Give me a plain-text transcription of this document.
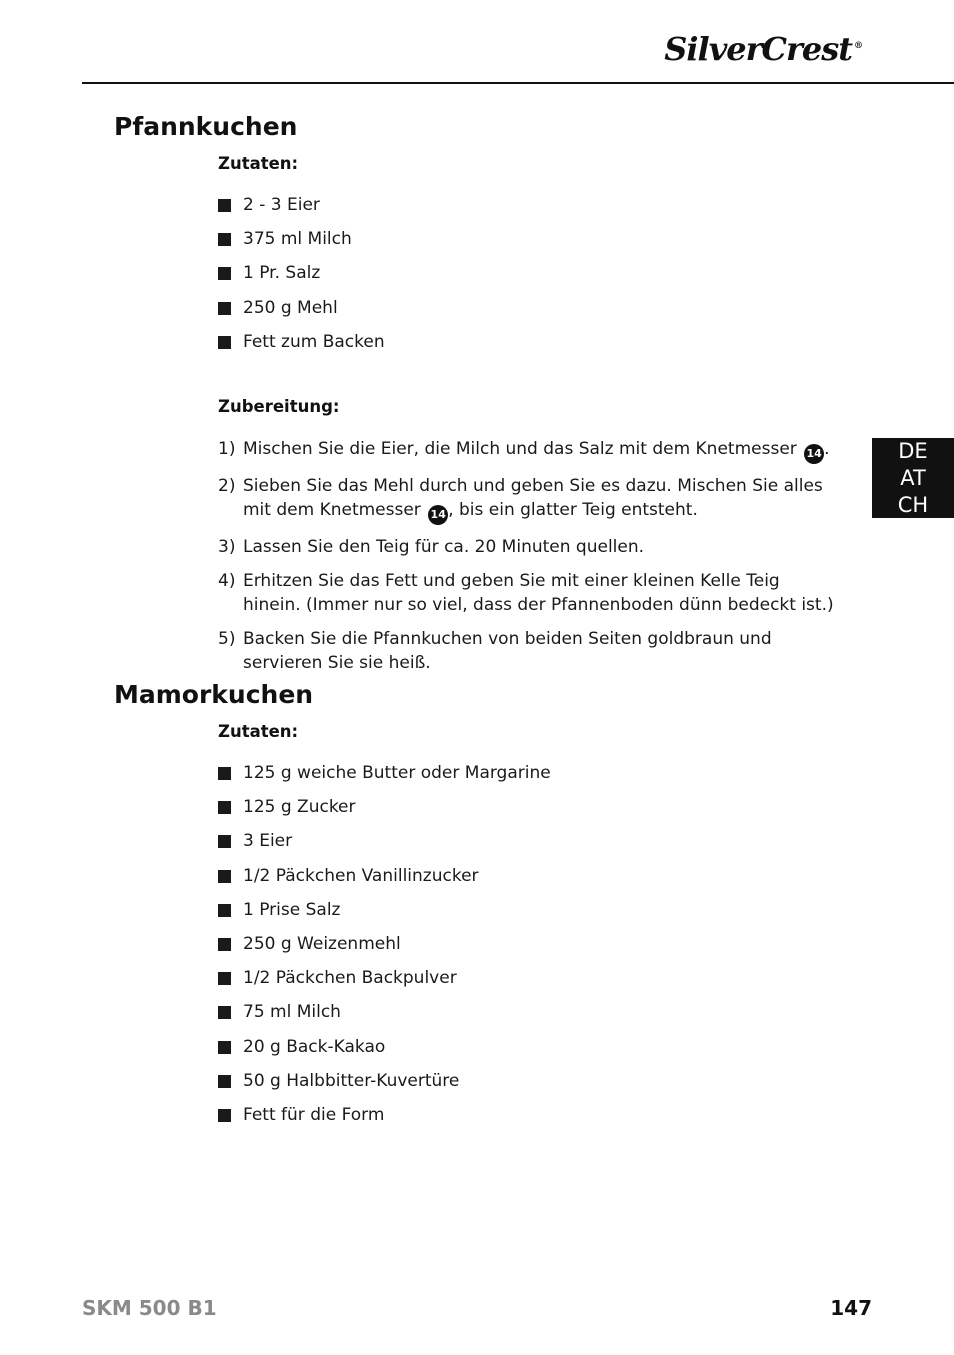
SilverCrest ®
Pfannkuchen
Zutaten:
2 - 3 Eier
375 ml Milch
1 Pr. Salz
250 g Mehl
Fett zum Backen
Zubereitung:
1) Mischen Sie die Eier, die Milch und das Salz mit dem Knetmesser 14 .
2) Sieben Sie das Mehl durch und geben Sie es dazu. Mischen Sie alles mit dem Knetmesser 14 , bis ein glatter Teig entsteht.
3) Lassen Sie den Teig für ca. 20 Minuten quellen.
4) Erhitzen Sie das Fett und geben Sie mit einer kleinen Kelle Teig hinein. (Immer nur so viel, dass der Pfannenboden dünn bedeckt ist.)
5) Backen Sie die Pfannkuchen von beiden Seiten goldbraun und servieren Sie sie heiß.
Mamorkuchen
Zutaten:
125 g weiche Butter oder Margarine
125 g Zucker
3 Eier
1/2 Päckchen Vanillinzucker
1 Prise Salz
250 g Weizenmehl
1/2 Päckchen Backpulver
75 ml Milch
20 g Back-Kakao
50 g Halbbitter-Kuvertüre
Fett für die Form
DE
AT
CH
SKM 500 B1	147
